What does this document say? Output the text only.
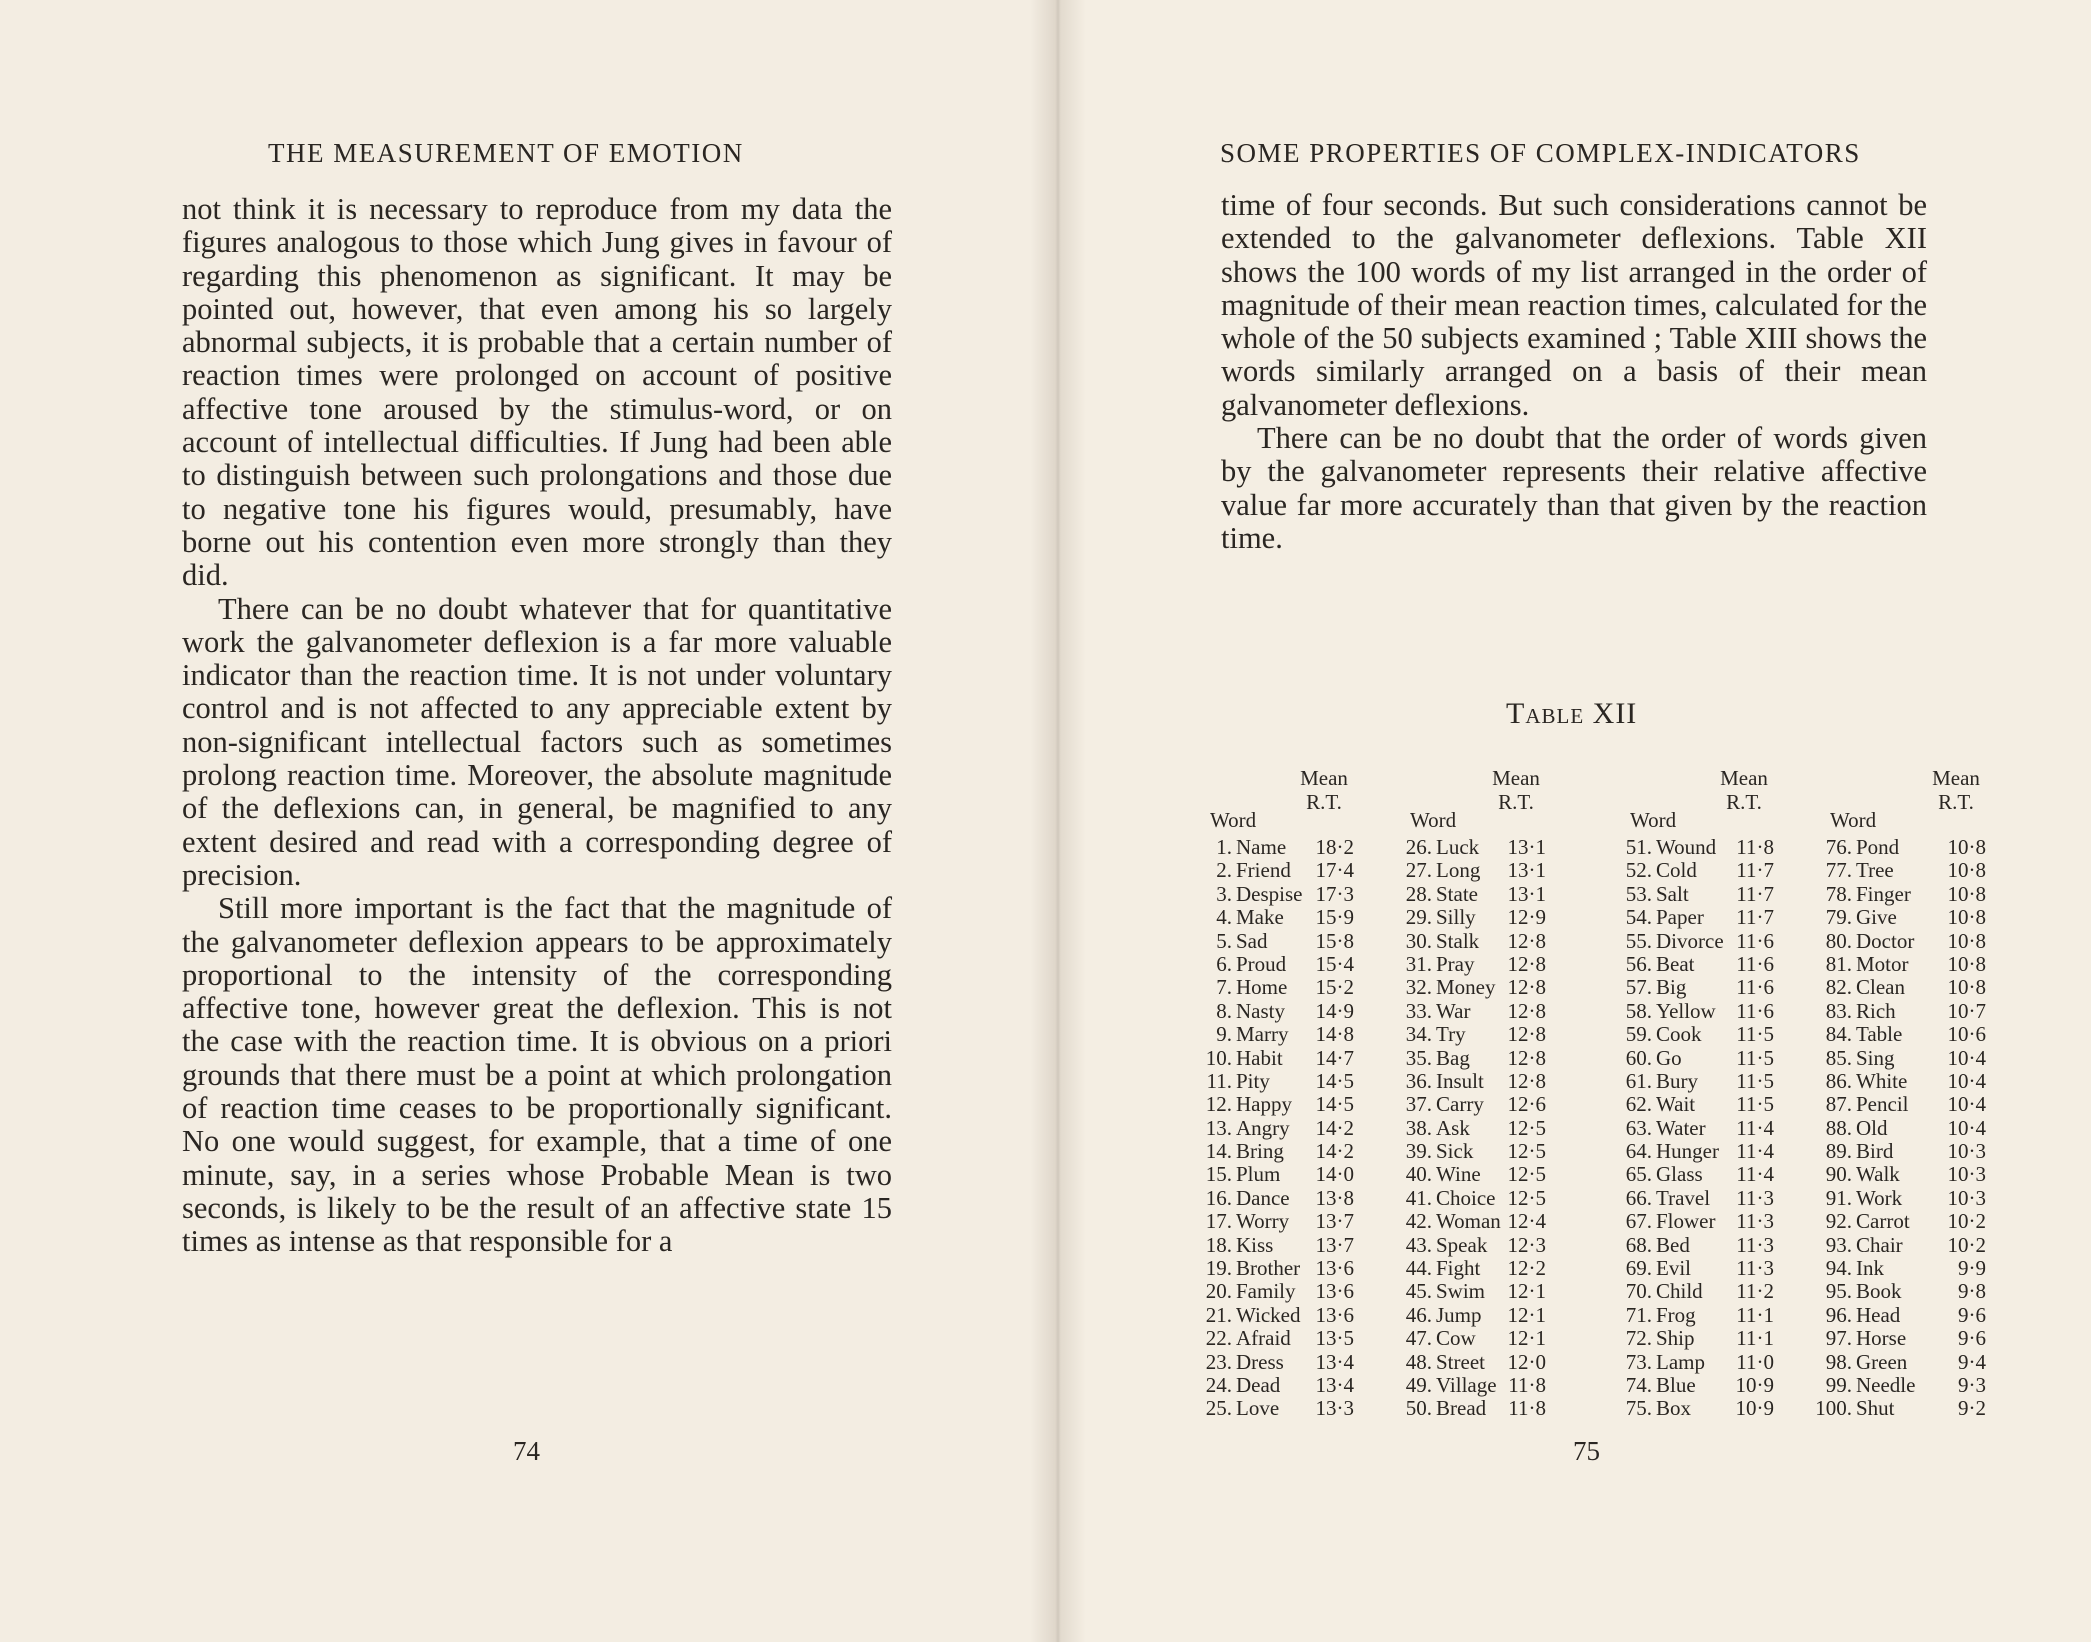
THE MEASUREMENT OF EMOTION

not think it is necessary to reproduce from my data the figures analogous to those which Jung gives in favour of regarding this phenomenon as significant. It may be pointed out, however, that even among his so largely abnormal subjects, it is probable that a certain number of reaction times were prolonged on account of positive affective tone aroused by the stimulus-word, or on account of intellectual difficulties. If Jung had been able to distinguish between such prolongations and those due to negative tone his figures would, presumably, have borne out his contention even more strongly than they did.

There can be no doubt whatever that for quantitative work the galvanometer deflexion is a far more valuable indicator than the reaction time. It is not under voluntary control and is not affected to any appreciable extent by non-significant intellectual factors such as sometimes prolong reaction time. Moreover, the absolute magnitude of the deflexions can, in general, be magnified to any extent desired and read with a corresponding degree of precision.

Still more important is the fact that the magnitude of the galvanometer deflexion appears to be approximately proportional to the intensity of the corresponding affective tone, however great the deflexion. This is not the case with the reaction time. It is obvious on a priori grounds that there must be a point at which prolongation of reaction time ceases to be proportionally significant. No one would suggest, for example, that a time of one minute, say, in a series whose Probable Mean is two seconds, is likely to be the result of an affective state 15 times as intense as that responsible for a

74
SOME PROPERTIES OF COMPLEX-INDICATORS

time of four seconds. But such considerations cannot be extended to the galvanometer deflexions. Table XII shows the 100 words of my list arranged in the order of magnitude of their mean reaction times, calculated for the whole of the 50 subjects examined ; Table XIII shows the words similarly arranged on a basis of their mean galvanometer deflexions.

There can be no doubt that the order of words given by the galvanometer represents their relative affective value far more accurately than that given by the reaction time.

Table XII
Word
Mean
R.T.
1. Name	18·2
2. Friend	17·4
3. Despise 17·3
4. Make	15·9
5. Sad	15·8
6. Proud	15·4
7. Home	15·2
8. Nasty	14·9
9. Marry	14·8
10. Habit	14·7
11. Pity	14·5
12. Happy	14·5
13. Angry	14·2
14. Bring	14·2
15. Plum	14·0
16. Dance	13·8
17. Worry	13·7
18. Kiss	13·7
19. Brother 13·6
20. Family 13·6
21. Wicked 13·6
22. Afraid	13·5
23. Dress	13·4
24. Dead	13·4
25. Love	13·3
Word
Mean
R.T.
26. Luck	13·1
27. Long	13·1
28. State	13·1
29. Silly	12·9
30. Stalk	12·8
31. Pray	12·8
32. Money 12·8
33. War	12·8
34. Try	12·8
35. Bag	12·8
36. Insult	12·8
37. Carry	12·6
38. Ask	12·5
39. Sick	12·5
40. Wine	12·5
41. Choice 12·5
42. Woman 12·4
43. Speak 12·3
44. Fight	12·2
45. Swim	12·1
46. Jump	12·1
47. Cow	12·1
48. Street	12·0
49. Village 11·8
50. Bread	11·8
Word
Mean
R.T.
51. Wound 11·8
52. Cold	11·7
53. Salt	11·7
54. Paper	11·7
55. Divorce 11·6
56. Beat	11·6
57. Big	11·6
58. Yellow 11·6
59. Cook	11·5
60. Go	11·5
61. Bury	11·5
62. Wait	11·5
63. Water	11·4
64. Hunger 11·4
65. Glass	11·4
66. Travel	11·3
67. Flower 11·3
68. Bed	11·3
69. Evil	11·3
70. Child	11·2
71. Frog	11·1
72. Ship	11·1
73. Lamp	11·0
74. Blue	10·9
75. Box	10·9
Word
Mean
R.T.
76. Pond	10·8
77. Tree	10·8
78. Finger	10·8
79. Give	10·8
80. Doctor	10·8
81. Motor	10·8
82. Clean	10·8
83. Rich	10·7
84. Table	10·6
85. Sing	10·4
86. White	10·4
87. Pencil	10·4
88. Old	10·4
89. Bird	10·3
90. Walk	10·3
91. Work	10·3
92. Carrot	10·2
93. Chair	10·2
94. Ink	9·9
95. Book	9·8
96. Head	9·6
97. Horse	9·6
98. Green	9·4
99. Needle	9·3
100. Shut	9·2
75
